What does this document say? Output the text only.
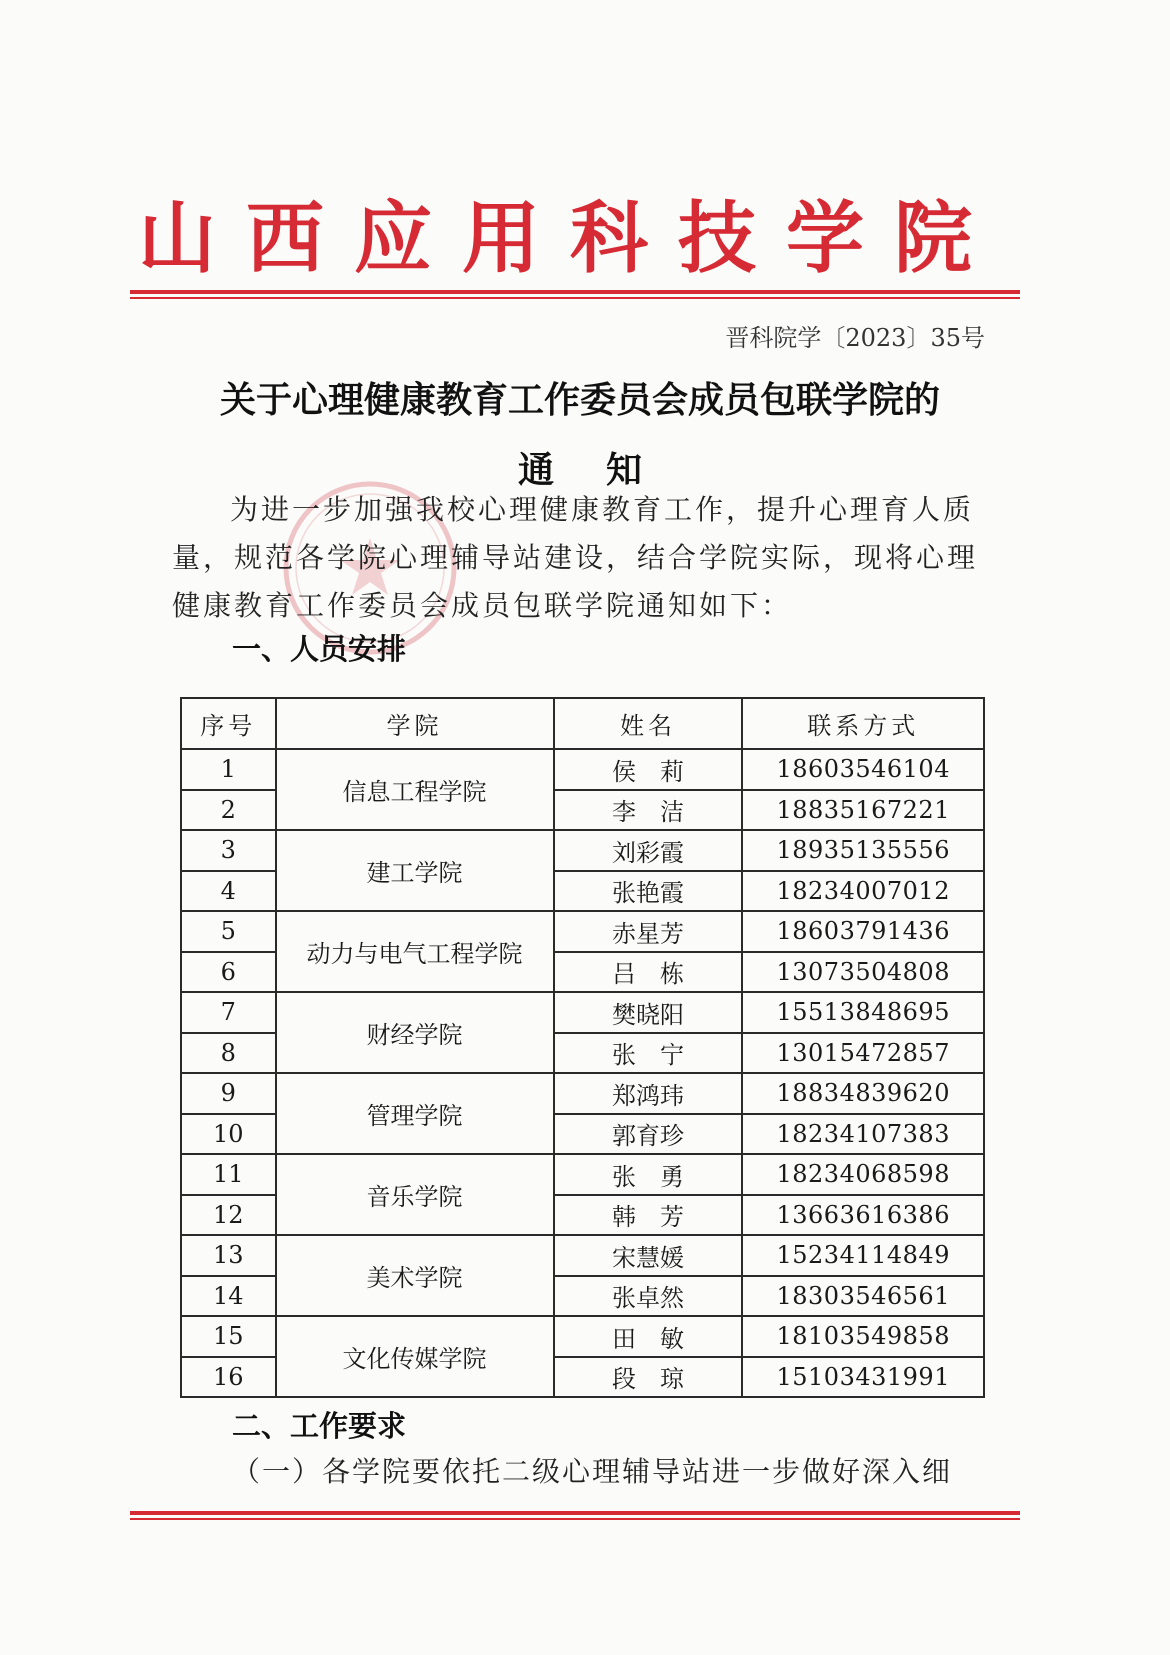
山西应用科技学院
晋科院学〔2023〕35号
关于心理健康教育工作委员会成员包联学院的
通知
为进一步加强我校心理健康教育工作，提升心理育人质量，规范各学院心理辅导站建设，结合学院实际，现将心理健康教育工作委员会成员包联学院通知如下：
一、人员安排
序号	学院	姓名	联系方式
1	信息工程学院	侯　莉	18603546104
2		李　洁	18835167221
3	建工学院	刘彩霞	18935135556
4		张艳霞	18234007012
5	动力与电气工程学院	赤星芳	18603791436
6		吕　栋	13073504808
7	财经学院	樊晓阳	15513848695
8		张　宁	13015472857
9	管理学院	郑鸿玮	18834839620
10		郭育珍	18234107383
11	音乐学院	张　勇	18234068598
12		韩　芳	13663616386
13	美术学院	宋慧媛	15234114849
14		张卓然	18303546561
15	文化传媒学院	田　敏	18103549858
16		段　琼	15103431991
二、工作要求
（一）各学院要依托二级心理辅导站进一步做好深入细
